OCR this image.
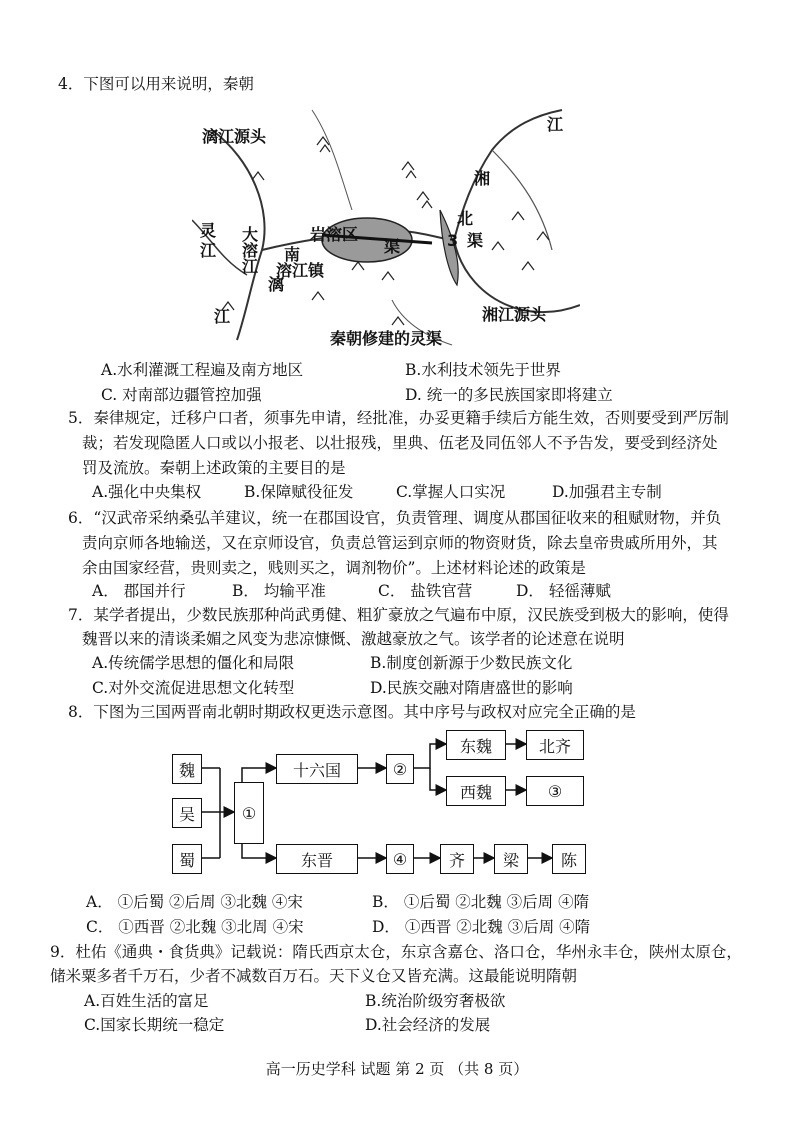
4．下图可以用来说明，秦朝
漓江源头
江
湘
北
3 渠
岩溶区
渠
大
溶
江
南
溶江镇
漓
灵
江
江	湘江源头
秦朝修建的灵渠
A.水利灌溉工程遍及南方地区	B.水利技术领先于世界
C. 对南部边疆管控加强	D. 统一的多民族国家即将建立
5．秦律规定，迁移户口者，须事先申请，经批准，办妥更籍手续后方能生效，否则要受到严厉制
裁；若发现隐匿人口或以小报老、以壮报残，里典、伍老及同伍邻人不予告发，要受到经济处
罚及流放。秦朝上述政策的主要目的是
A.强化中央集权	B.保障赋役征发	C.掌握人口实况	D.加强君主专制
6．“汉武帝采纳桑弘羊建议，统一在郡国设官，负责管理、调度从郡国征收来的租赋财物，并负
责向京师各地输送，又在京师设官，负责总管运到京师的物资财货，除去皇帝贵戚所用外，其
余由国家经营，贵则卖之，贱则买之，调剂物价”。上述材料论述的政策是
A． 郡国并行	B． 均输平准	C． 盐铁官营	D． 轻徭薄赋
7．某学者提出，少数民族那种尚武勇健、粗犷豪放之气遍布中原，汉民族受到极大的影响，使得
魏晋以来的清谈柔媚之风变为悲凉慷慨、激越豪放之气。该学者的论述意在说明
A.传统儒学思想的僵化和局限	B.制度创新源于少数民族文化
C.对外交流促进思想文化转型	D.民族交融对隋唐盛世的影响
8．下图为三国两晋南北朝时期政权更迭示意图。其中序号与政权对应完全正确的是
魏
吴
蜀
①
十六国	②
东魏	北齐
西魏	③
东晋	④	齐	梁	陈
A． ①后蜀 ②后周 ③北魏 ④宋	B． ①后蜀 ②北魏 ③后周 ④隋
C． ①西晋 ②北魏 ③北周 ④宋	D． ①西晋 ②北魏 ③后周 ④隋
9．杜佑《通典・食货典》记载说：隋氏西京太仓，东京含嘉仓、洛口仓，华州永丰仓，陕州太原仓，
储米粟多者千万石，少者不减数百万石。天下义仓又皆充满。这最能说明隋朝
A.百姓生活的富足	B.统治阶级穷奢极欲
C.国家长期统一稳定	D.社会经济的发展
高一历史学科 试题 第 2 页 （共 8 页）
